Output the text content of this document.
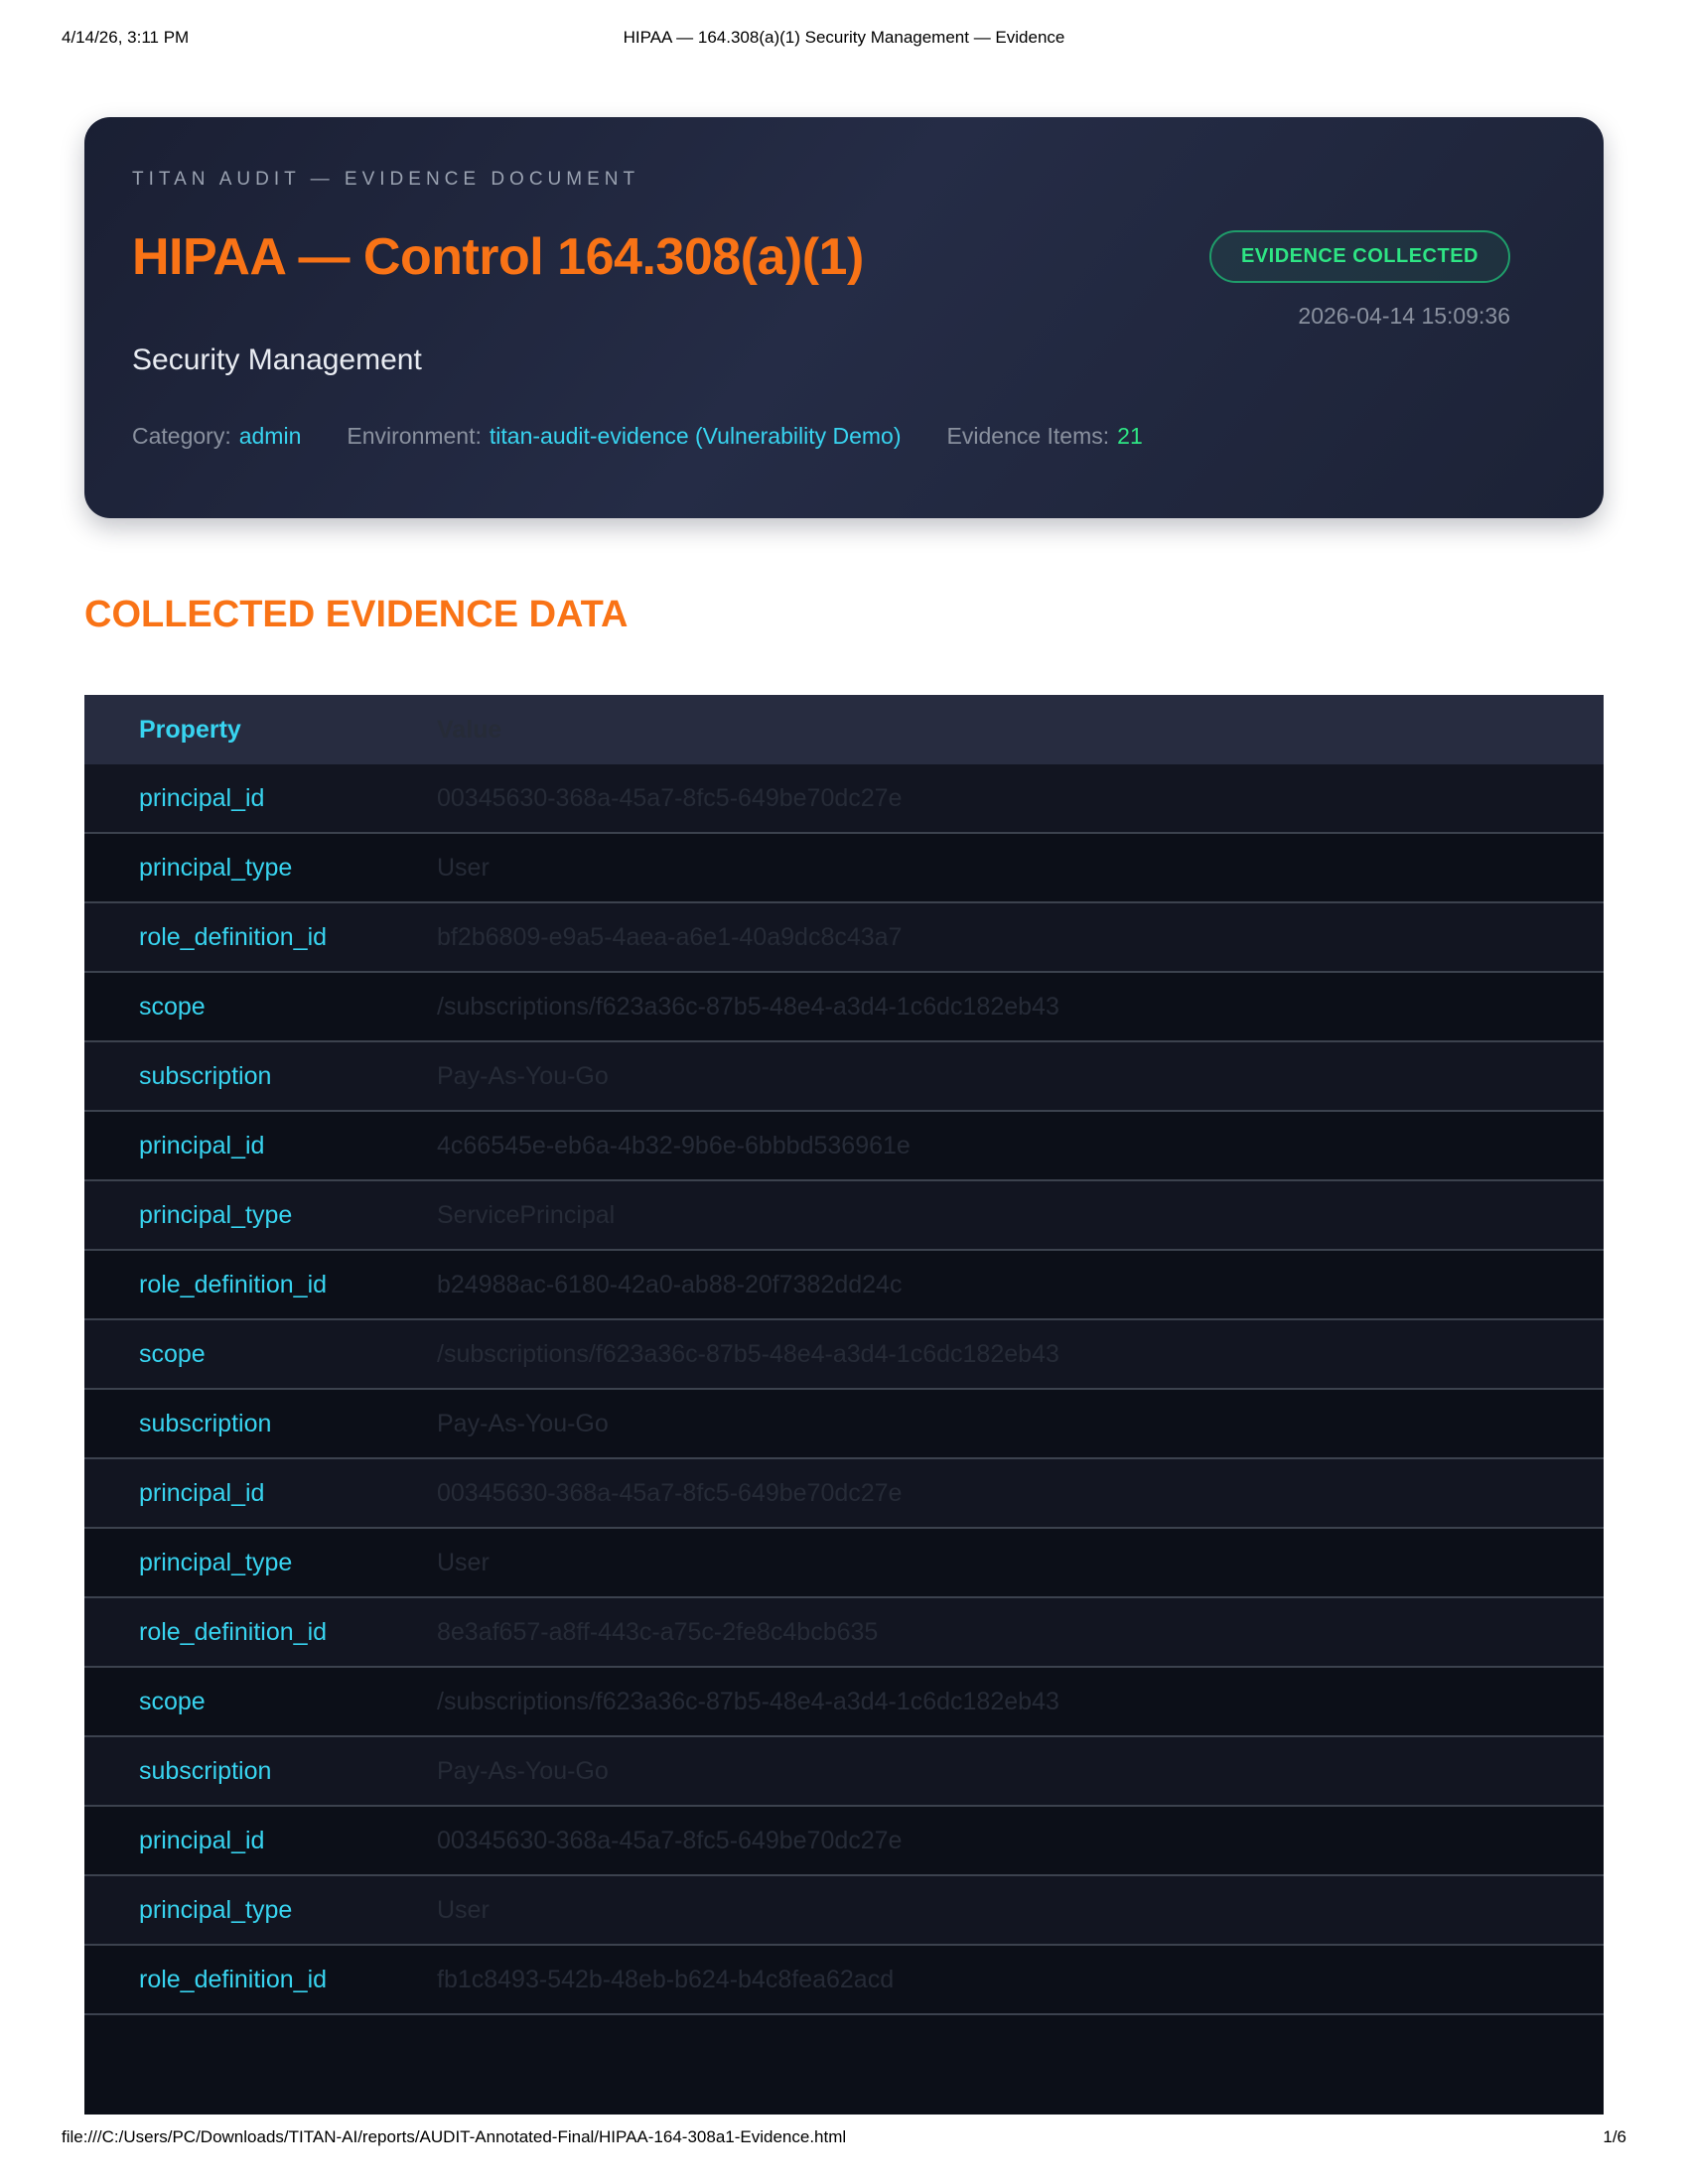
4/14/26, 3:11 PM	HIPAA — 164.308(a)(1) Security Management — Evidence
TITAN AUDIT — EVIDENCE DOCUMENT
HIPAA — Control 164.308(a)(1)	EVIDENCE COLLECTED
2026-04-14 15:09:36
Security Management
Category: admin Environment: titan-audit-evidence (Vulnerability Demo) Evidence Items: 21
COLLECTED EVIDENCE DATA
Property	Value
principal_id	00345630-368a-45a7-8fc5-649be70dc27e
principal_type	User
role_definition_id	bf2b6809-e9a5-4aea-a6e1-40a9dc8c43a7
scope	/subscriptions/f623a36c-87b5-48e4-a3d4-1c6dc182eb43
subscription	Pay-As-You-Go
principal_id	4c66545e-eb6a-4b32-9b6e-6bbbd536961e
principal_type	ServicePrincipal
role_definition_id	b24988ac-6180-42a0-ab88-20f7382dd24c
scope	/subscriptions/f623a36c-87b5-48e4-a3d4-1c6dc182eb43
subscription	Pay-As-You-Go
principal_id	00345630-368a-45a7-8fc5-649be70dc27e
principal_type	User
role_definition_id	8e3af657-a8ff-443c-a75c-2fe8c4bcb635
scope	/subscriptions/f623a36c-87b5-48e4-a3d4-1c6dc182eb43
subscription	Pay-As-You-Go
principal_id	00345630-368a-45a7-8fc5-649be70dc27e
principal_type	User
role_definition_id	fb1c8493-542b-48eb-b624-b4c8fea62acd
file:///C:/Users/PC/Downloads/TITAN-AI/reports/AUDIT-Annotated-Final/HIPAA-164-308a1-Evidence.html	1/6
